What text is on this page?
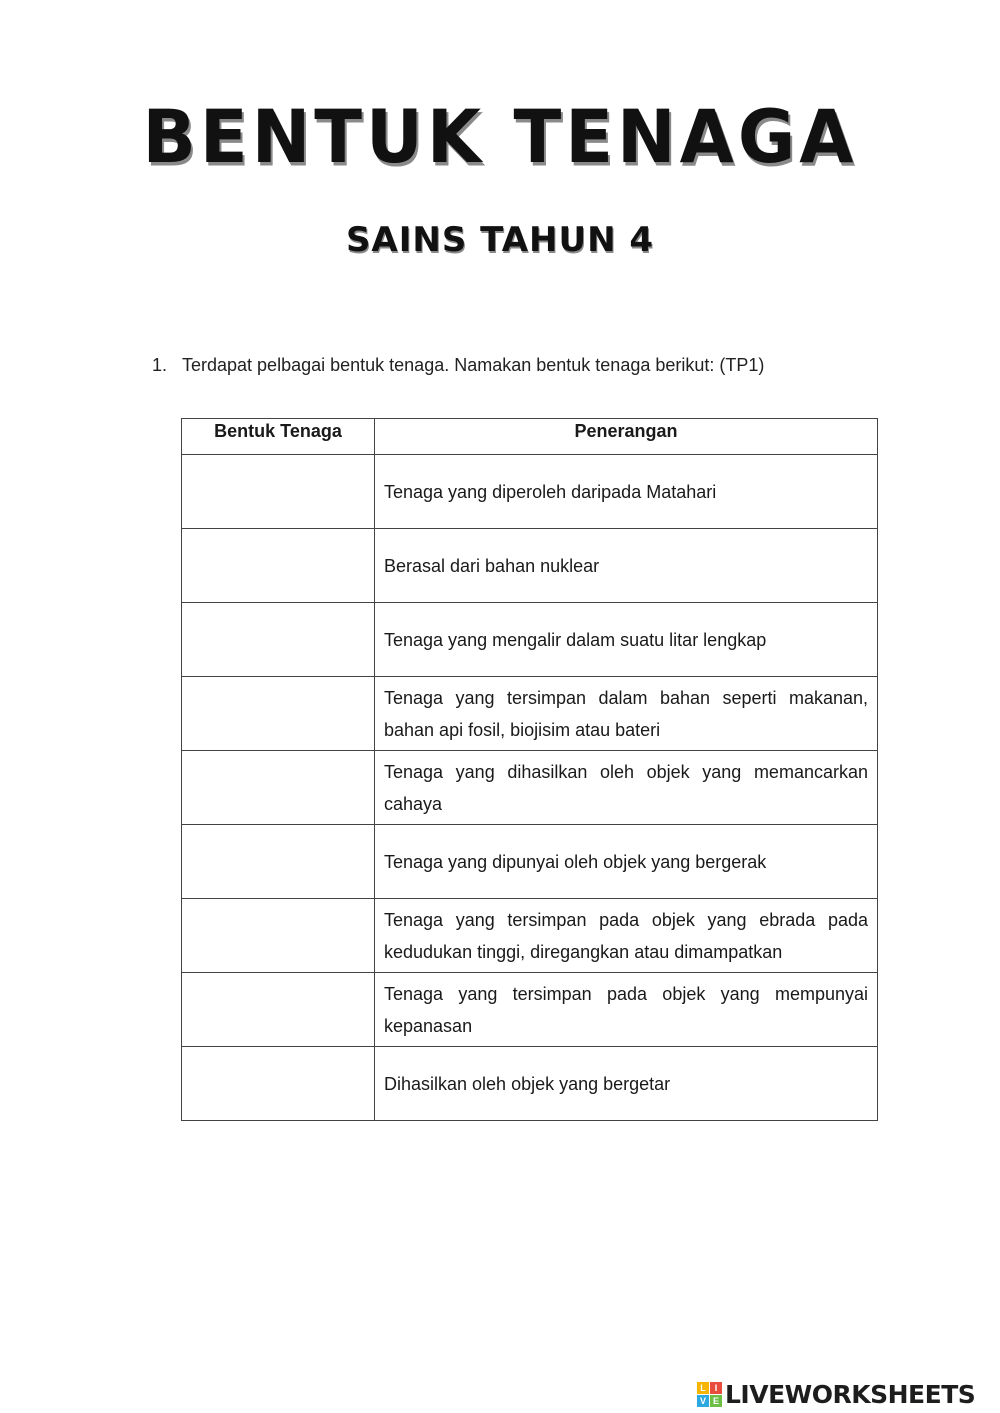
BENTUK TENAGA
SAINS TAHUN 4
1. Terdapat pelbagai bentuk tenaga. Namakan bentuk tenaga berikut: (TP1)
Bentuk Tenaga	Penerangan
	Tenaga yang diperoleh daripada Matahari
	Berasal dari bahan nuklear
	Tenaga yang mengalir dalam suatu litar lengkap
	Tenaga yang tersimpan dalam bahan seperti makanan, bahan api fosil, biojisim atau bateri
	Tenaga yang dihasilkan oleh objek yang memancarkan cahaya
	Tenaga yang dipunyai oleh objek yang bergerak
	Tenaga yang tersimpan pada objek yang ebrada pada kedudukan tinggi, diregangkan atau dimampatkan
	Tenaga yang tersimpan pada objek yang mempunyai kepanasan
	Dihasilkan oleh objek yang bergetar
L I
V E LIVEWORKSHEETS
